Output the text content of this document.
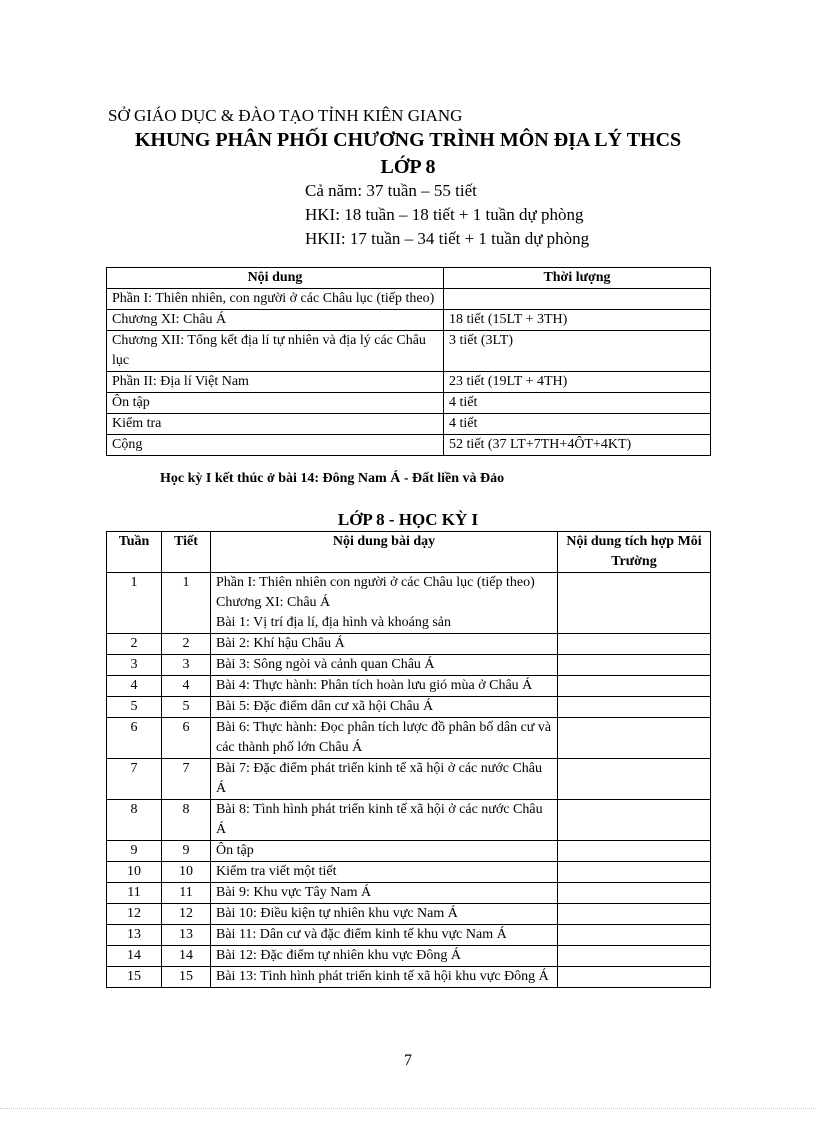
SỞ GIÁO DỤC & ĐÀO TẠO TỈNH KIÊN GIANG
KHUNG PHÂN PHỐI CHƯƠNG TRÌNH MÔN ĐỊA LÝ THCS
LỚP 8
Cả năm: 37 tuần – 55 tiết
HKI: 18 tuần – 18 tiết + 1 tuần dự phòng
HKII: 17 tuần – 34 tiết + 1 tuần dự phòng
Nội dung	Thời lượng
Phần I: Thiên nhiên, con người ở các Châu lục (tiếp theo)	
Chương XI: Châu Á	18 tiết (15LT + 3TH)
Chương XII: Tổng kết địa lí tự nhiên và địa lý các Châu lục	3 tiết (3LT)
Phần II: Địa lí Việt Nam	23 tiết (19LT + 4TH)
Ôn tập	4 tiết
Kiểm tra	4 tiết
Cộng	52 tiết (37 LT+7TH+4ÔT+4KT)
Học kỳ I kết thúc ở bài 14: Đông Nam Á - Đất liền và Đảo
LỚP 8 - HỌC KỲ I
Tuần	Tiết	Nội dung bài dạy	Nội dung tích hợp Môi Trường
1	1	Phần I: Thiên nhiên con người ở các Châu lục (tiếp theo)
Chương XI: Châu Á
Bài 1: Vị trí địa lí, địa hình và khoáng sản	

2	2	Bài 2: Khí hậu Châu Á	

3	3	Bài 3: Sông ngòi và cảnh quan Châu Á	

4	4	Bài 4: Thực hành: Phân tích hoàn lưu gió mùa ở Châu Á	

5	5	Bài 5: Đặc điểm dân cư xã hội Châu Á	

6	6	Bài 6: Thực hành: Đọc phân tích lược đồ phân bố dân cư và các thành phố lớn Châu Á	

7	7	Bài 7: Đặc điểm phát triển kinh tế xã hội ở các nước Châu Á	

8	8	Bài 8: Tình hình phát triển kinh tế xã hội ở các nước Châu Á	

9	9	Ôn tập	

10	10	Kiểm tra viết một tiết	

11	11	Bài 9: Khu vực Tây Nam Á	

12	12	Bài 10: Điều kiện tự nhiên khu vực Nam Á	

13	13	Bài 11: Dân cư và đặc điểm kinh tế khu vực Nam Á	

14	14	Bài 12: Đặc điểm tự nhiên khu vực Đông Á	

15	15	Bài 13: Tình hình phát triển kinh tế xã hội khu vực Đông Á	

7
